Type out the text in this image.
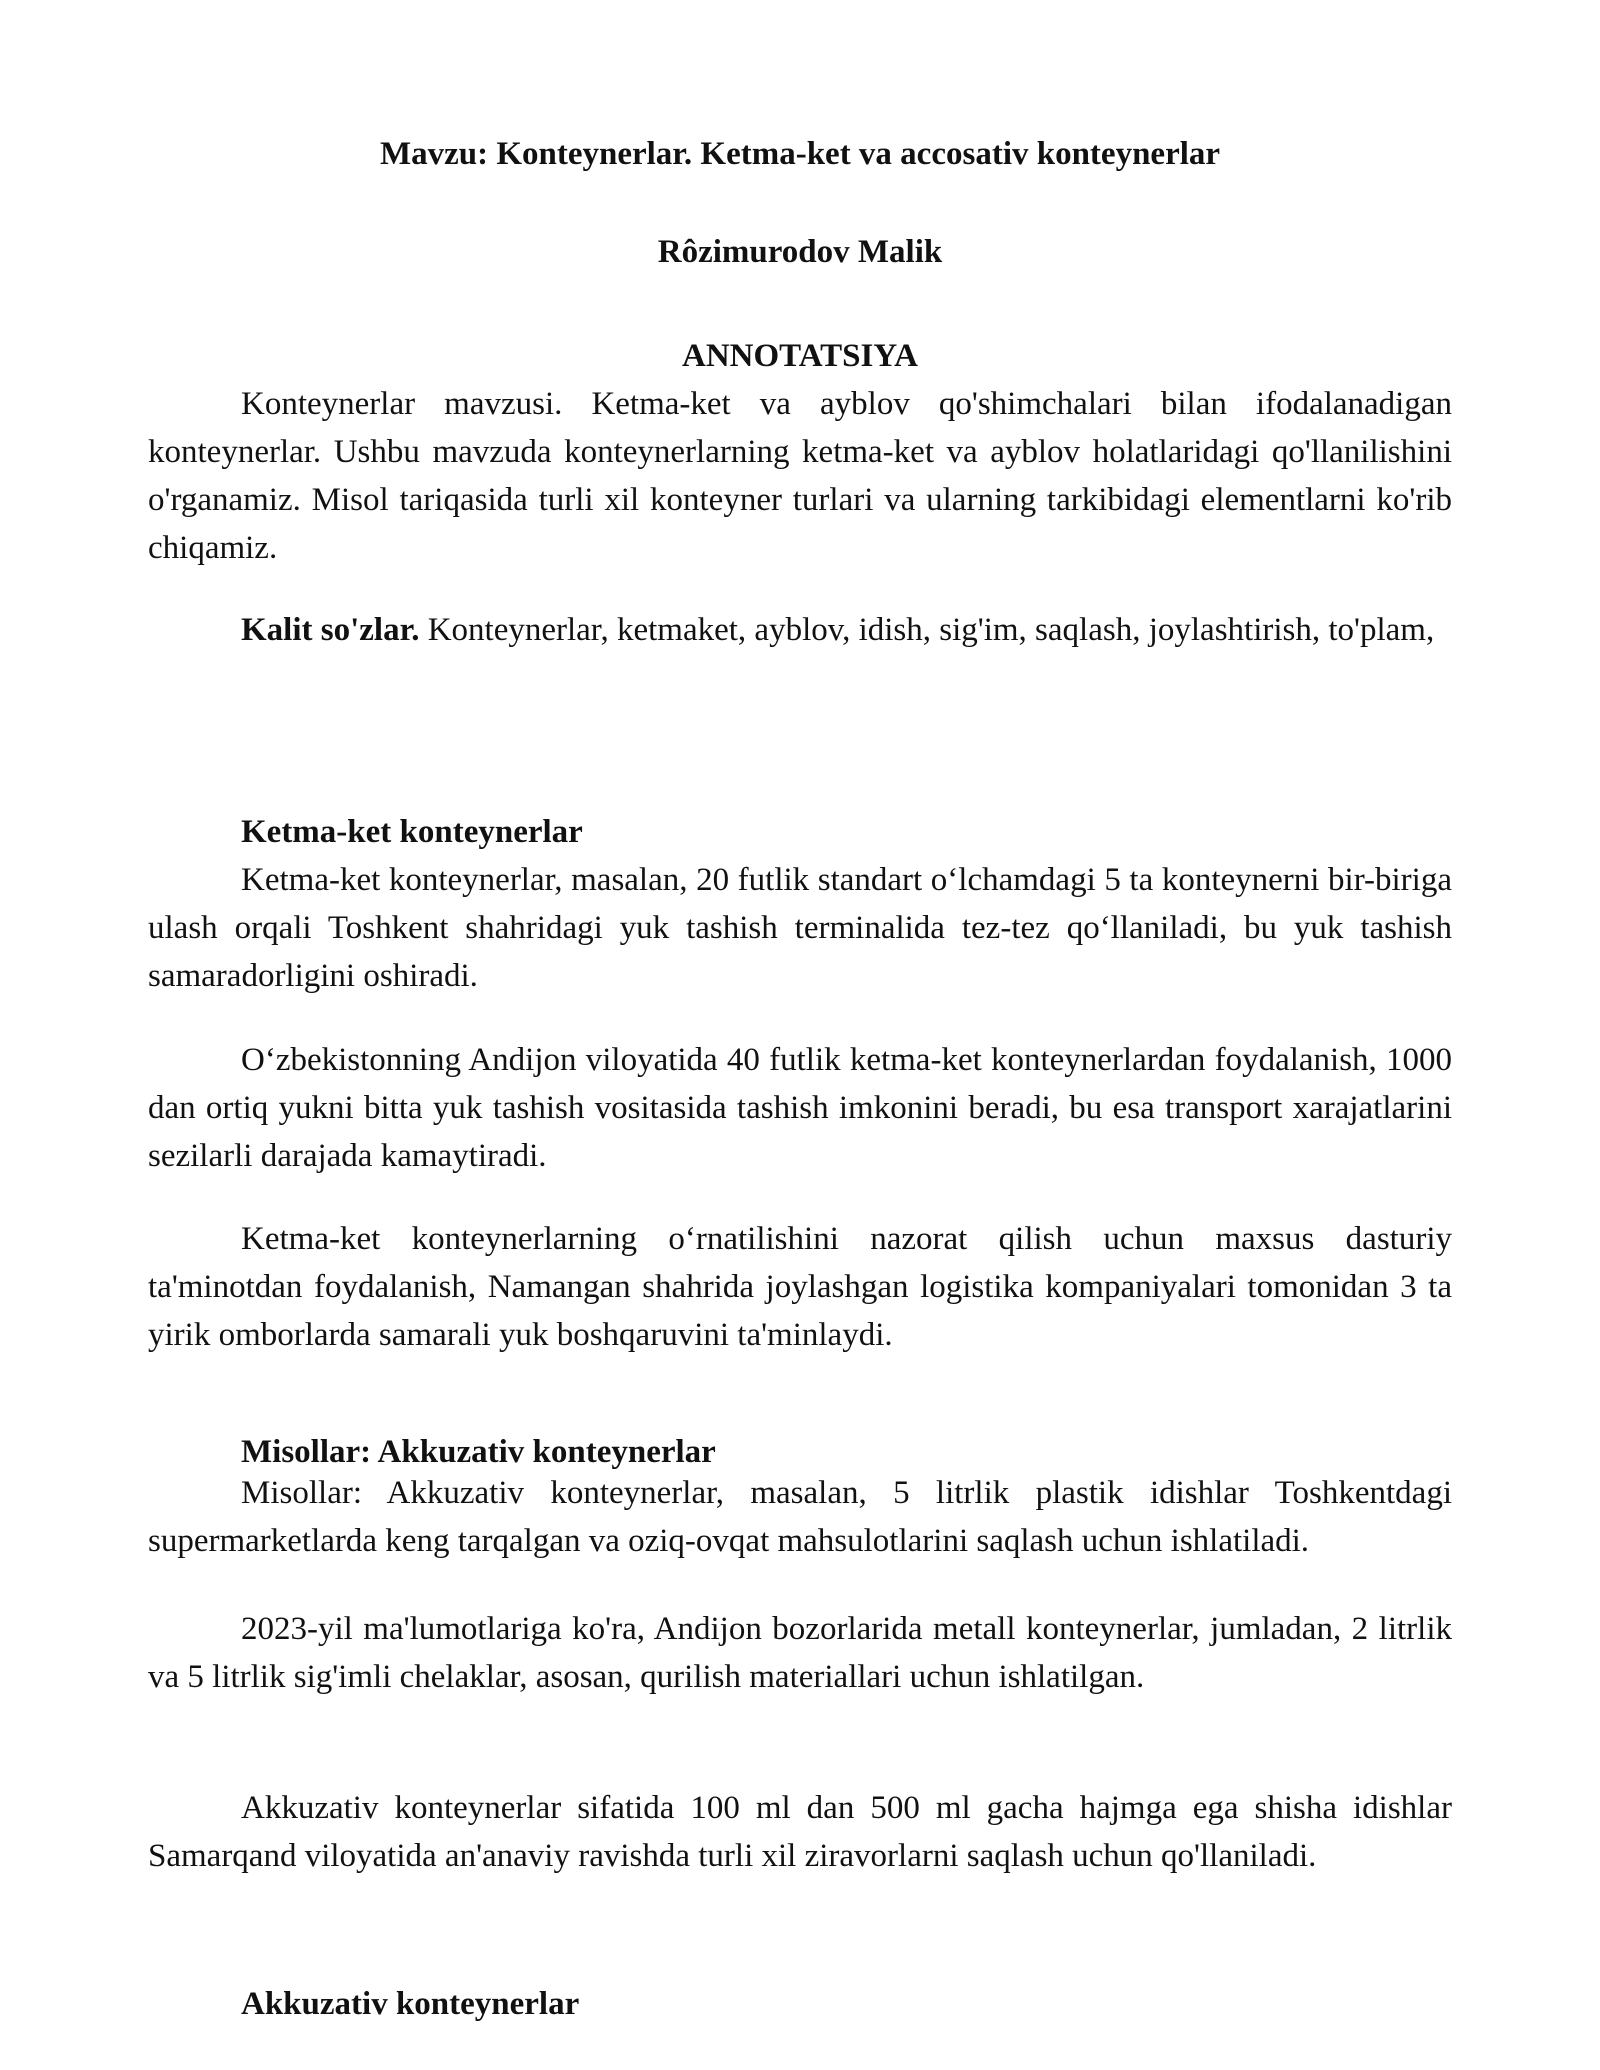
Mavzu: Konteynerlar. Ketma-ket va accosativ konteynerlar
Rôzimurodov Malik
ANNOTATSIYA
Konteynerlar mavzusi. Ketma-ket va ayblov qo'shimchalari bilan ifodalanadigan konteynerlar. Ushbu mavzuda konteynerlarning ketma-ket va ayblov holatlaridagi qo'llanilishini o'rganamiz. Misol tariqasida turli xil konteyner turlari va ularning tarkibidagi elementlarni ko'rib chiqamiz.
Kalit so'zlar. Konteynerlar, ketmaket, ayblov, idish, sig'im, saqlash, joylashtirish, to'plam,
Ketma-ket konteynerlar
Ketma-ket konteynerlar, masalan, 20 futlik standart oʻlchamdagi 5 ta konteynerni bir-biriga ulash orqali Toshkent shahridagi yuk tashish terminalida tez-tez qoʻllaniladi, bu yuk tashish samaradorligini oshiradi.
Oʻzbekistonning Andijon viloyatida 40 futlik ketma-ket konteynerlardan foydalanish, 1000 dan ortiq yukni bitta yuk tashish vositasida tashish imkonini beradi, bu esa transport xarajatlarini sezilarli darajada kamaytiradi.
Ketma-ket konteynerlarning oʻrnatilishini nazorat qilish uchun maxsus dasturiy ta'minotdan foydalanish, Namangan shahrida joylashgan logistika kompaniyalari tomonidan 3 ta yirik omborlarda samarali yuk boshqaruvini ta'minlaydi.
Misollar: Akkuzativ konteynerlar
Misollar: Akkuzativ konteynerlar, masalan, 5 litrlik plastik idishlar Toshkentdagi supermarketlarda keng tarqalgan va oziq-ovqat mahsulotlarini saqlash uchun ishlatiladi.
2023-yil ma'lumotlariga ko'ra, Andijon bozorlarida metall konteynerlar, jumladan, 2 litrlik va 5 litrlik sig'imli chelaklar, asosan, qurilish materiallari uchun ishlatilgan.
Akkuzativ konteynerlar sifatida 100 ml dan 500 ml gacha hajmga ega shisha idishlar Samarqand viloyatida an'anaviy ravishda turli xil ziravorlarni saqlash uchun qo'llaniladi.
Akkuzativ konteynerlar
